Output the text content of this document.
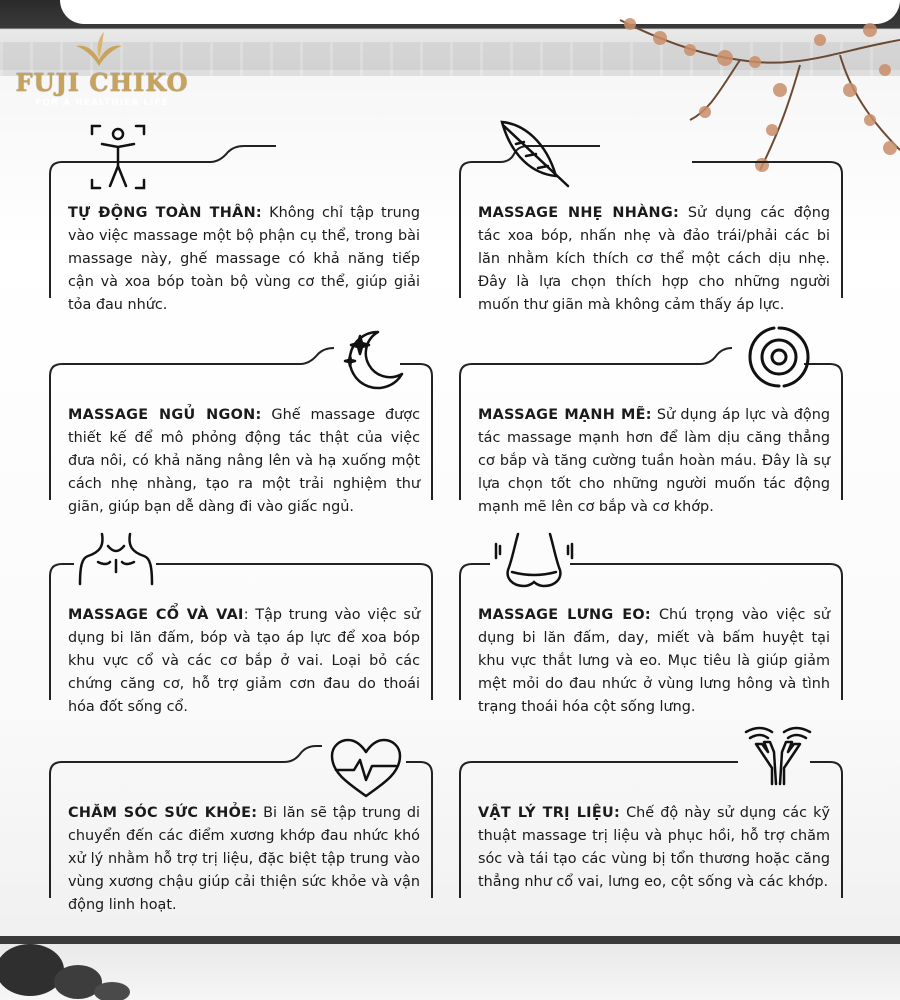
FUJI CHIKO
FOR A HEALTHIER LIFE
TỰ ĐỘNG TOÀN THÂN: Không chỉ tập trung vào việc massage một bộ phận cụ thể, trong bài massage này, ghế massage có khả năng tiếp cận và xoa bóp toàn bộ vùng cơ thể, giúp giải tỏa đau nhức.
MASSAGE NHẸ NHÀNG: Sử dụng các động tác xoa bóp, nhấn nhẹ và đảo trái/phải các bi lăn nhằm kích thích cơ thể một cách dịu nhẹ. Đây là lựa chọn thích hợp cho những người muốn thư giãn mà không cảm thấy áp lực.
MASSAGE NGỦ NGON: Ghế massage được thiết kế để mô phỏng động tác thật của việc đưa nôi, có khả năng nâng lên và hạ xuống một cách nhẹ nhàng, tạo ra một trải nghiệm thư giãn, giúp bạn dễ dàng đi vào giấc ngủ.
MASSAGE MẠNH MẼ: Sử dụng áp lực và động tác massage mạnh hơn để làm dịu căng thẳng cơ bắp và tăng cường tuần hoàn máu. Đây là sự lựa chọn tốt cho những người muốn tác động mạnh mẽ lên cơ bắp và cơ khớp.
MASSAGE CỔ VÀ VAI: Tập trung vào việc sử dụng bi lăn đấm, bóp và tạo áp lực để xoa bóp khu vực cổ và các cơ bắp ở vai. Loại bỏ các chứng căng cơ, hỗ trợ giảm cơn đau do thoái hóa đốt sống cổ.
MASSAGE LƯNG EO: Chú trọng vào việc sử dụng bi lăn đấm, day, miết và bấm huyệt tại khu vực thắt lưng và eo. Mục tiêu là giúp giảm mệt mỏi do đau nhức ở vùng lưng hông và tình trạng thoái hóa cột sống lưng.
CHĂM SÓC SỨC KHỎE: Bi lăn sẽ tập trung di chuyển đến các điểm xương khớp đau nhức khó xử lý nhằm hỗ trợ trị liệu, đặc biệt tập trung vào vùng xương chậu giúp cải thiện sức khỏe và vận động linh hoạt.
VẬT LÝ TRỊ LIỆU: Chế độ này sử dụng các kỹ thuật massage trị liệu và phục hồi, hỗ trợ chăm sóc và tái tạo các vùng bị tổn thương hoặc căng thẳng như cổ vai, lưng eo, cột sống và các khớp.
